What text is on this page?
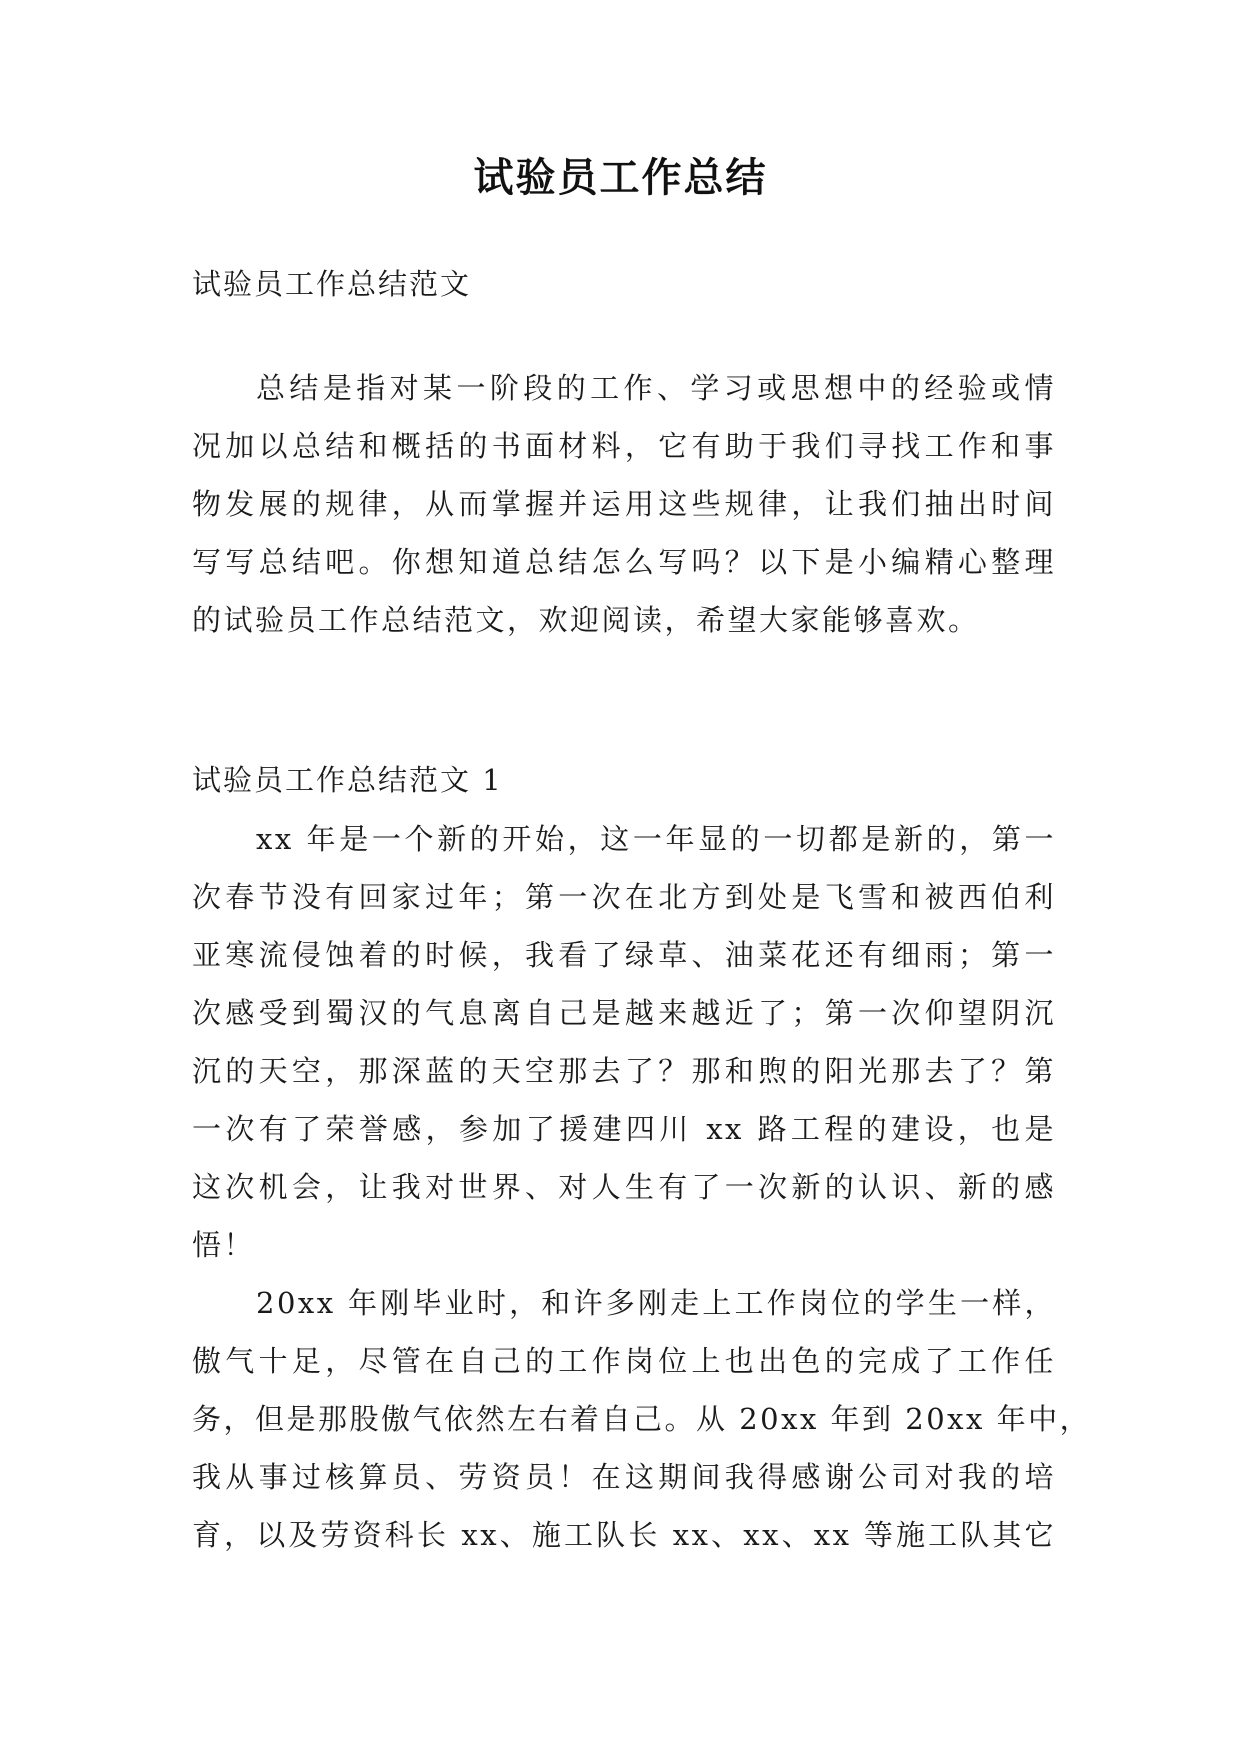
试验员工作总结

试验员工作总结范文

总结是指对某一阶段的工作、学习或思想中的经验或情
况加以总结和概括的书面材料，它有助于我们寻找工作和事
物发展的规律，从而掌握并运用这些规律，让我们抽出时间
写写总结吧。你想知道总结怎么写吗？以下是小编精心整理
的试验员工作总结范文，欢迎阅读，希望大家能够喜欢。

试验员工作总结范文 1

xx 年是一个新的开始，这一年显的一切都是新的，第一
次春节没有回家过年；第一次在北方到处是飞雪和被西伯利
亚寒流侵蚀着的时候，我看了绿草、油菜花还有细雨；第一
次感受到蜀汉的气息离自己是越来越近了；第一次仰望阴沉
沉的天空，那深蓝的天空那去了？那和煦的阳光那去了？第
一次有了荣誉感，参加了援建四川 xx 路工程的建设，也是
这次机会，让我对世界、对人生有了一次新的认识、新的感
悟！
20xx 年刚毕业时，和许多刚走上工作岗位的学生一样，
傲气十足，尽管在自己的工作岗位上也出色的完成了工作任
务，但是那股傲气依然左右着自己。从 20xx 年到 20xx 年中，
我从事过核算员、劳资员！在这期间我得感谢公司对我的培
育，以及劳资科长 xx、施工队长 xx、xx、xx 等施工队其它
